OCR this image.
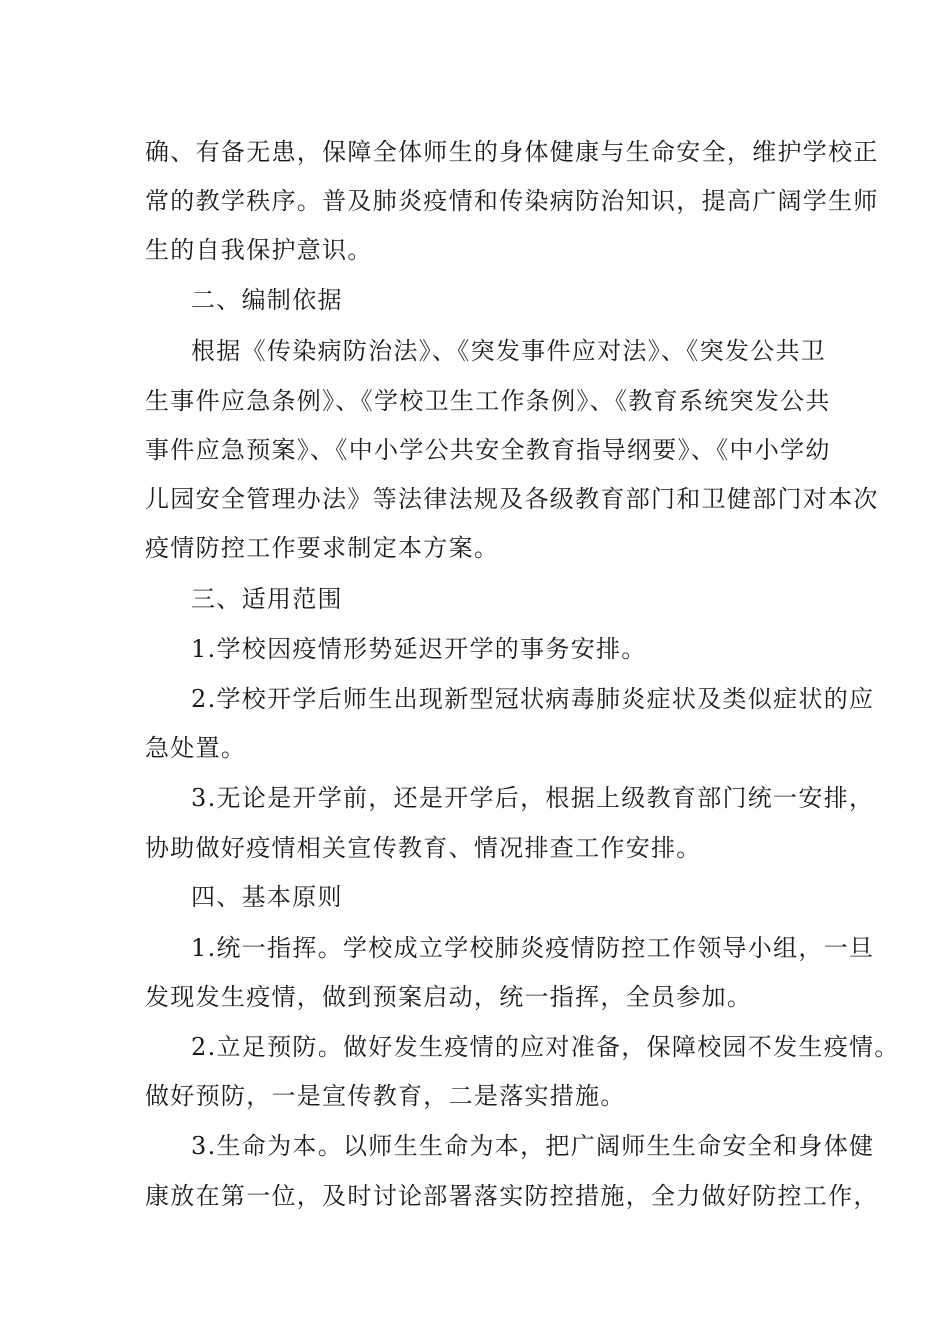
确、有备无患，保障全体师生的身体健康与生命安全，维护学校正
常的教学秩序。普及肺炎疫情和传染病防治知识，提高广阔学生师
生的自我保护意识。
二、编制依据
根据《传染病防治法》、《突发事件应对法》、《突发公共卫
生事件应急条例》、《学校卫生工作条例》、《教育系统突发公共
事件应急预案》、《中小学公共安全教育指导纲要》、《中小学幼
儿园安全管理办法》等法律法规及各级教育部门和卫健部门对本次
疫情防控工作要求制定本方案。
三、适用范围
1.学校因疫情形势延迟开学的事务安排。
2.学校开学后师生出现新型冠状病毒肺炎症状及类似症状的应
急处置。
3.无论是开学前，还是开学后，根据上级教育部门统一安排，
协助做好疫情相关宣传教育、情况排查工作安排。
四、基本原则
1.统一指挥。学校成立学校肺炎疫情防控工作领导小组，一旦
发现发生疫情，做到预案启动，统一指挥，全员参加。
2.立足预防。做好发生疫情的应对准备，保障校园不发生疫情。
做好预防，一是宣传教育，二是落实措施。
3.生命为本。以师生生命为本，把广阔师生生命安全和身体健
康放在第一位，及时讨论部署落实防控措施，全力做好防控工作，
